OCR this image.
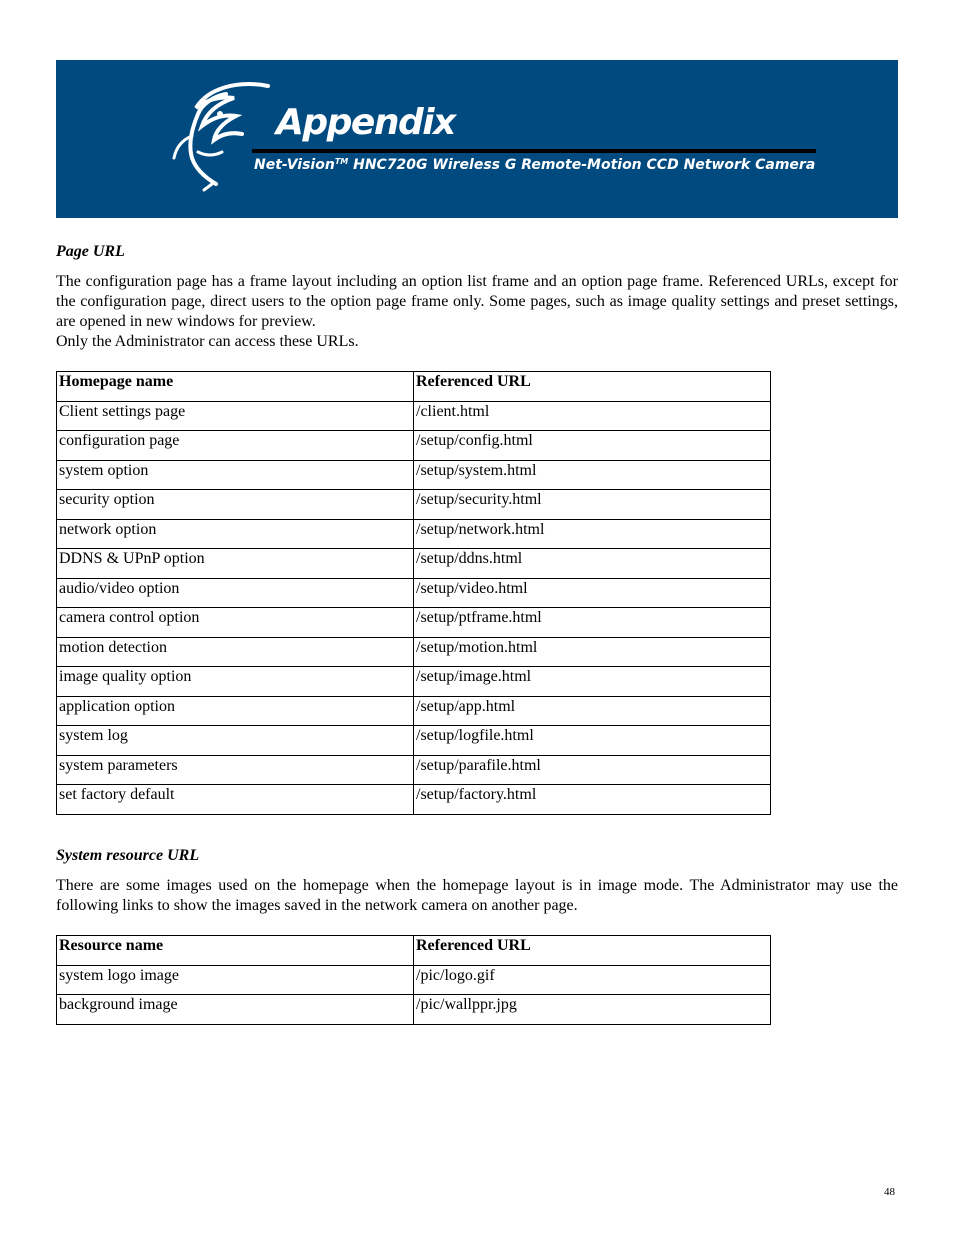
Appendix
Net-Vision™ HNC720G Wireless G Remote-Motion CCD Network Camera
Page URL

The configuration page has a frame layout including an option list frame and an option page frame. Referenced URLs, except for the configuration page, direct users to the option page frame only. Some pages, such as image quality settings and preset settings, are opened in new windows for preview.

Only the Administrator can access these URLs.

Homepage name	Referenced URL
Client settings page	/client.html
configuration page	/setup/config.html
system option	/setup/system.html
security option	/setup/security.html
network option	/setup/network.html
DDNS & UPnP option	/setup/ddns.html
audio/video option	/setup/video.html
camera control option	/setup/ptframe.html
motion detection	/setup/motion.html
image quality option	/setup/image.html
application option	/setup/app.html
system log	/setup/logfile.html
system parameters	/setup/parafile.html
set factory default	/setup/factory.html
System resource URL

There are some images used on the homepage when the homepage layout is in image mode. The Administrator may use the following links to show the images saved in the network camera on another page.

Resource name	Referenced URL
system logo image	/pic/logo.gif
background image	/pic/wallppr.jpg
48
